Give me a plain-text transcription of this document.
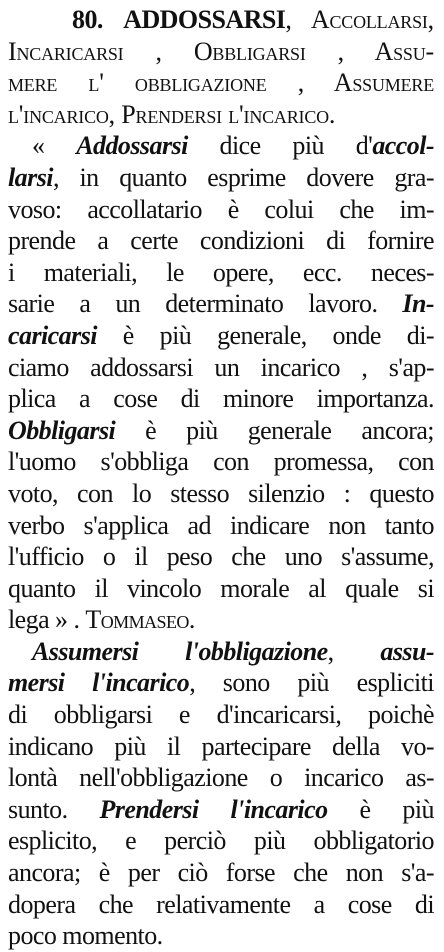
80. ADDOSSARSI, Accollarsi,
Incaricarsi , Obbligarsi , Assu-
mere l' obbligazione , Assumere
l'incarico, Prendersi l'incarico.
« Addossarsi dice più d'accol-
larsi, in quanto esprime dovere gra-
voso: accollatario è colui che im-
prende a certe condizioni di fornire
i materiali, le opere, ecc. neces-
sarie a un determinato lavoro. In-
caricarsi è più generale, onde di-
ciamo addossarsi un incarico , s'ap-
plica a cose di minore importanza.
Obbligarsi è più generale ancora;
l'uomo s'obbliga con promessa, con
voto, con lo stesso silenzio : questo
verbo s'applica ad indicare non tanto
l'ufficio o il peso che uno s'assume,
quanto il vincolo morale al quale si
lega » . Tommaseo.
Assumersi l'obbligazione, assu-
mersi l'incarico, sono più espliciti
di obbligarsi e d'incaricarsi, poichè
indicano più il partecipare della vo-
lontà nell'obbligazione o incarico as-
sunto. Prendersi l'incarico è più
esplicito, e perciò più obbligatorio
ancora; è per ciò forse che non s'a-
dopera che relativamente a cose di
poco momento.
